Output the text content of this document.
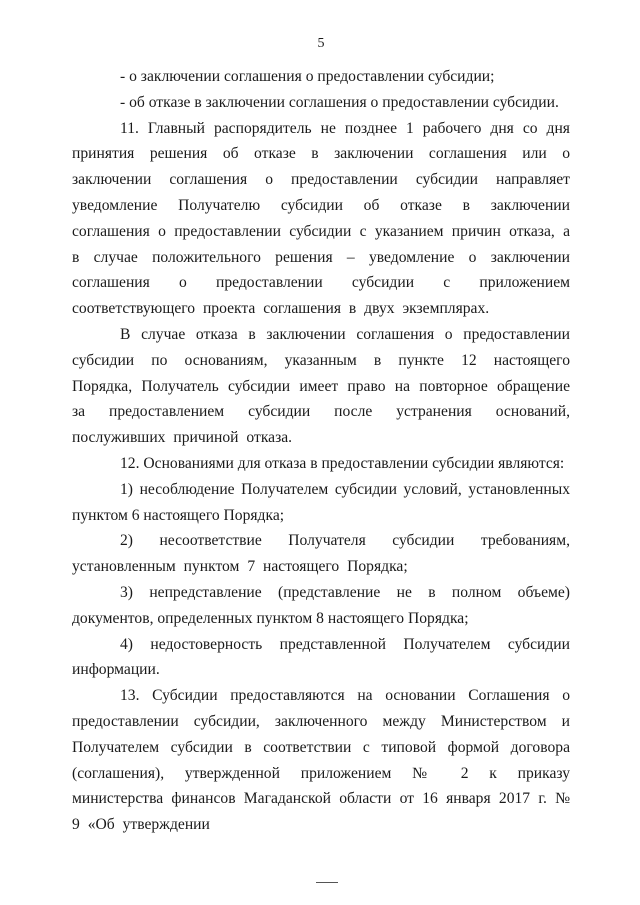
5

- о заключении соглашения о предоставлении субсидии;

- об отказе в заключении соглашения о предоставлении субсидии.

11. Главный распорядитель не позднее 1 рабочего дня со дня принятия решения об отказе в заключении соглашения или о заключении соглашения о предоставлении субсидии направляет уведомление Получателю субсидии об отказе в заключении соглашения о предоставлении субсидии с указанием причин отказа, а в случае положительного решения – уведомление о заключении соглашения о предоставлении субсидии с приложением соответствующего проекта соглашения в двух экземплярах.

В случае отказа в заключении соглашения о предоставлении субсидии по основаниям, указанным в пункте 12 настоящего Порядка, Получатель субсидии имеет право на повторное обращение за предоставлением субсидии после устранения оснований, послуживших причиной отказа.

12. Основаниями для отказа в предоставлении субсидии являются:

1) несоблюдение Получателем субсидии условий, установленных пунктом 6 настоящего Порядка;

2) несоответствие Получателя субсидии требованиям, установленным пунктом 7 настоящего Порядка;

3) непредставление (представление не в полном объеме) документов, определенных пунктом 8 настоящего Порядка;

4) недостоверность представленной Получателем субсидии информации.

13. Субсидии предоставляются на основании Соглашения о предоставлении субсидии, заключенного между Министерством и Получателем субсидии в соответствии с типовой формой договора (соглашения), утвержденной приложением № 2 к приказу министерства финансов Магаданской области от 16 января 2017 г. № 9 «Об утверждении
